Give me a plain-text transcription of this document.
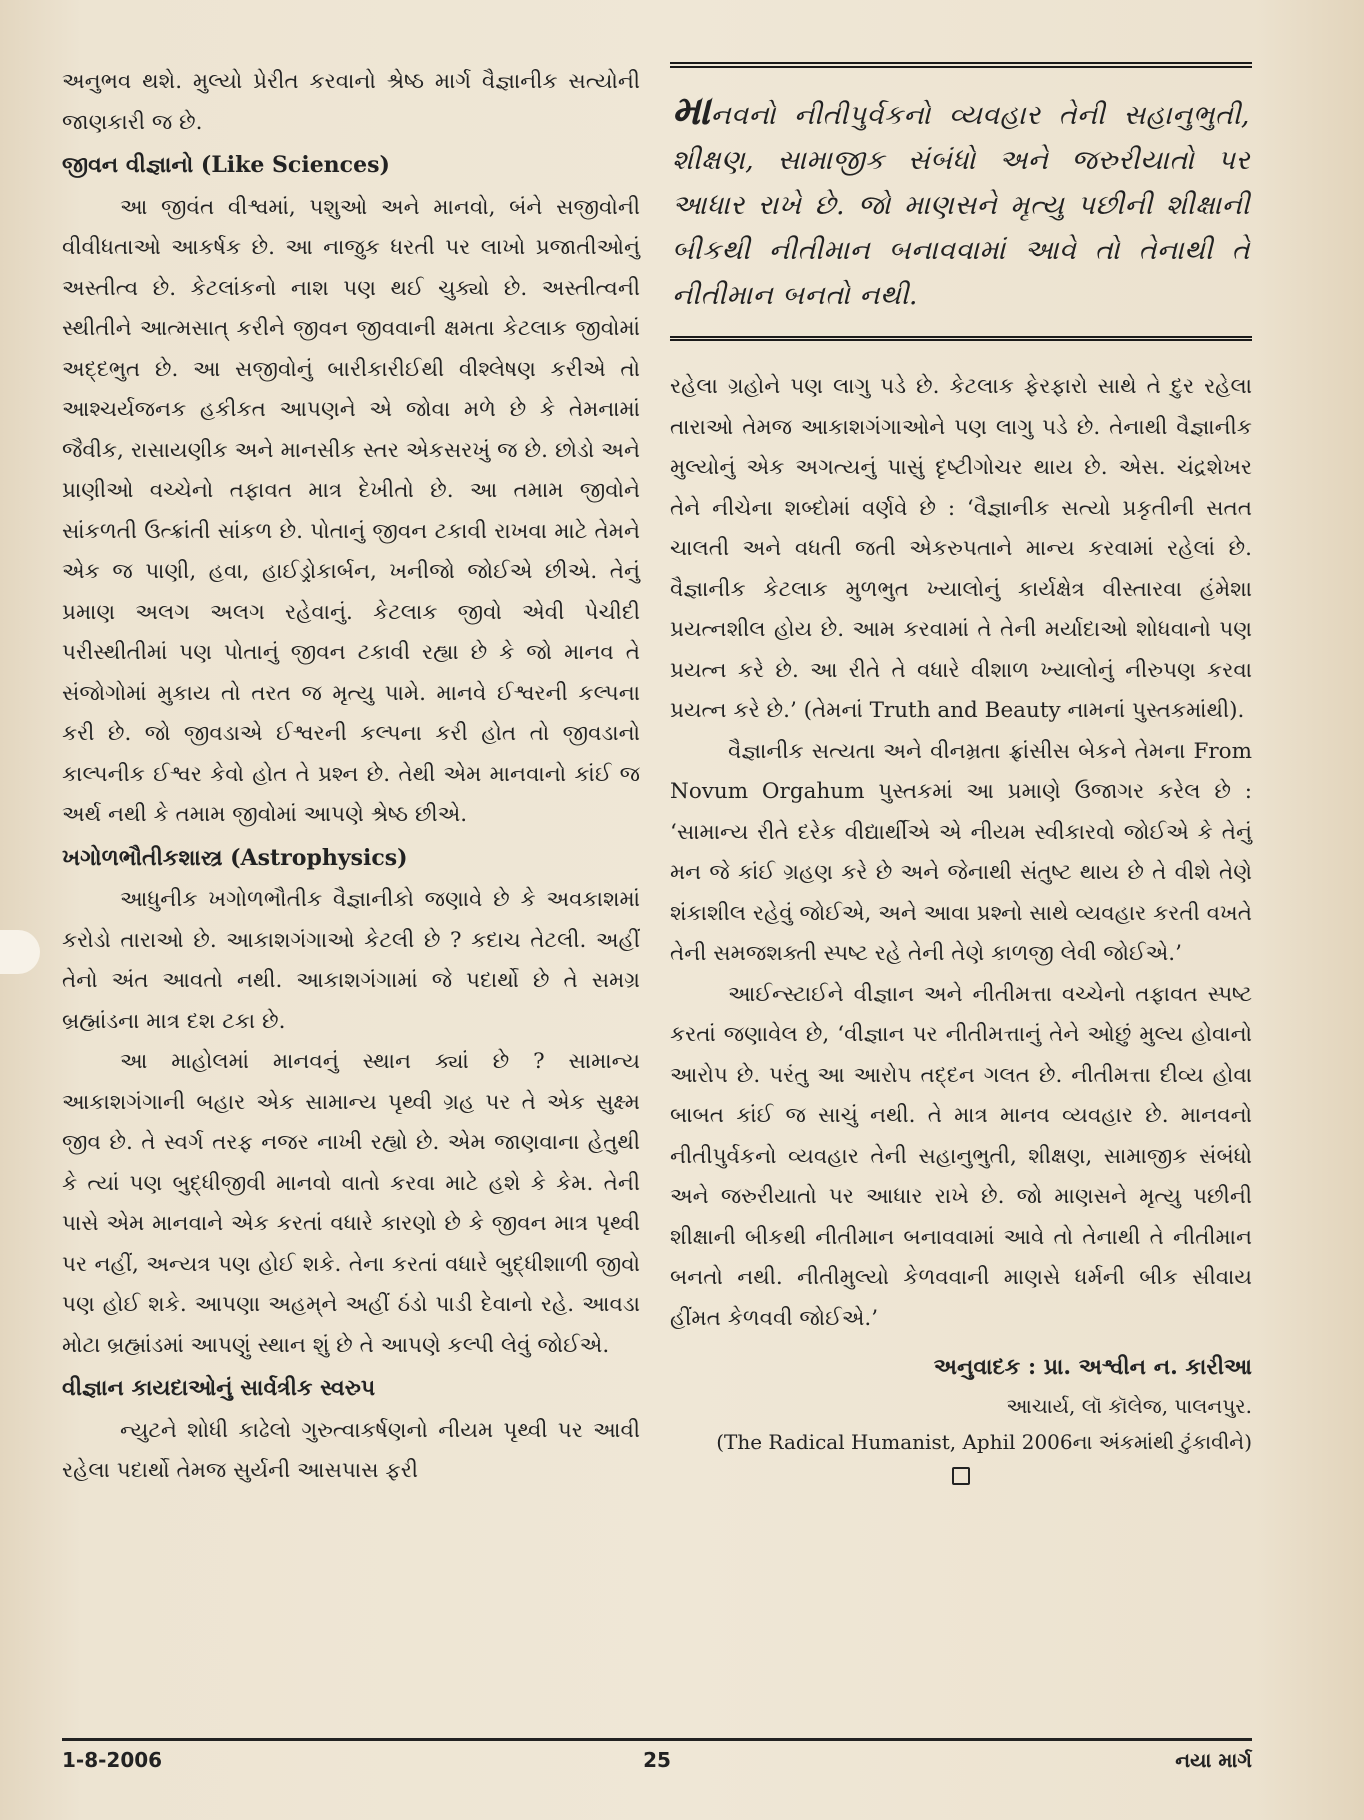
અનુભવ થશે. મુલ્યો પ્રેરીત કરવાનો શ્રેષ્ઠ માર્ગ વૈજ્ઞાનીક સત્યોની જાણકારી જ છે.

જીવન વીજ્ઞાનો (Like Sciences)

આ જીવંત વીશ્વમાં, પશુઓ અને માનવો, બંને સજીવોની વીવીધતાઓ આકર્ષક છે. આ નાજુક ધરતી પર લાખો પ્રજાતીઓનું અસ્તીત્વ છે. કેટલાંકનો નાશ પણ થઈ ચુક્યો છે. અસ્તીત્વની સ્થીતીને આત્મસાત્ કરીને જીવન જીવવાની ક્ષમતા કેટલાક જીવોમાં અદ્દભુત છે. આ સજીવોનું બારીકારીઈથી વીશ્લેષણ કરીએ તો આશ્ચર્યજનક હકીકત આપણને એ જોવા મળે છે કે તેમનામાં જૈવીક, રાસાયણીક અને માનસીક સ્તર એકસરખું જ છે. છોડો અને પ્રાણીઓ વચ્ચેનો તફાવત માત્ર દેખીતો છે. આ તમામ જીવોને સાંકળતી ઉત્ક્રાંતી સાંકળ છે. પોતાનું જીવન ટકાવી રાખવા માટે તેમને એક જ પાણી, હવા, હાઈડ્રોકાર્બન, ખનીજો જોઈએ છીએ. તેનું પ્રમાણ અલગ અલગ રહેવાનું. કેટલાક જીવો એવી પેચીદી પરીસ્થીતીમાં પણ પોતાનું જીવન ટકાવી રહ્યા છે કે જો માનવ તે સંજોગોમાં મુકાય તો તરત જ મૃત્યુ પામે. માનવે ઈશ્વરની કલ્પના કરી છે. જો જીવડાએ ઈશ્વરની કલ્પના કરી હોત તો જીવડાનો કાલ્પનીક ઈશ્વર કેવો હોત તે પ્રશ્ન છે. તેથી એમ માનવાનો કાંઈ જ અર્થ નથી કે તમામ જીવોમાં આપણે શ્રેષ્ઠ છીએ.

ખગોળભૌતીકશાસ્ત્ર (Astrophysics)

આધુનીક ખગોળભૌતીક વૈજ્ઞાનીકો જણાવે છે કે અવકાશમાં કરોડો તારાઓ છે. આકાશગંગાઓ કેટલી છે ? કદાચ તેટલી. અહીં તેનો અંત આવતો નથી. આકાશગંગામાં જે પદાર્થો છે તે સમગ્ર બ્રહ્માંડના માત્ર દશ ટકા છે.

આ માહોલમાં માનવનું સ્થાન ક્યાં છે ? સામાન્ય આકાશગંગાની બહાર એક સામાન્ય પૃથ્વી ગ્રહ પર તે એક સુક્ષ્મ જીવ છે. તે સ્વર્ગ તરફ નજર નાખી રહ્યો છે. એમ જાણવાના હેતુથી કે ત્યાં પણ બુદ્ધીજીવી માનવો વાતો કરવા માટે હશે કે કેમ. તેની પાસે એમ માનવાને એક કરતાં વધારે કારણો છે કે જીવન માત્ર પૃથ્વી પર નહીં, અન્યત્ર પણ હોઈ શકે. તેના કરતાં વધારે બુદ્ધીશાળી જીવો પણ હોઈ શકે. આપણા અહમ્‌ને અહીં ઠંડો પાડી દેવાનો રહે. આવડા મોટા બ્રહ્માંડમાં આપણું સ્થાન શું છે તે આપણે કલ્પી લેવું જોઈએ.

વીજ્ઞાન કાયદાઓનું સાર્વત્રીક સ્વરુપ

ન્યુટને શોધી કાઢેલો ગુરુત્વાકર્ષણનો નીયમ પૃથ્વી પર આવી રહેલા પદાર્થો તેમજ સુર્યની આસપાસ ફરી

માનવનો નીતીપુર્વકનો વ્યવહાર તેની સહાનુભુતી, શીક્ષણ, સામાજીક સંબંધો અને જરુરીયાતો પર આધાર રાખે છે. જો માણસને મૃત્યુ પછીની શીક્ષાની બીકથી નીતીમાન બનાવવામાં આવે તો તેનાથી તે નીતીમાન બનતો નથી.

રહેલા ગ્રહોને પણ લાગુ પડે છે. કેટલાક ફેરફારો સાથે તે દુર રહેલા તારાઓ તેમજ આકાશગંગાઓને પણ લાગુ પડે છે. તેનાથી વૈજ્ઞાનીક મુલ્યોનું એક અગત્યનું પાસું દૃષ્ટીગોચર થાય છે. એસ. ચંદ્રશેખર તેને નીચેના શબ્દોમાં વર્ણવે છે : ‘વૈજ્ઞાનીક સત્યો પ્રકૃતીની સતત ચાલતી અને વધતી જતી એકરુપતાને માન્ય કરવામાં રહેલાં છે. વૈજ્ઞાનીક કેટલાક મુળભુત ખ્યાલોનું કાર્યક્ષેત્ર વીસ્તારવા હંમેશા પ્રયત્નશીલ હોય છે. આમ કરવામાં તે તેની મર્યાદાઓ શોધવાનો પણ પ્રયત્ન કરે છે. આ રીતે તે વધારે વીશાળ ખ્યાલોનું નીરુપણ કરવા પ્રયત્ન કરે છે.’ (તેમનાં Truth and Beauty નામનાં પુસ્તકમાંથી).

વૈજ્ઞાનીક સત્યતા અને વીનમ્રતા ફ્રાંસીસ બેકને તેમના From Novum Orgahum પુસ્તકમાં આ પ્રમાણે ઉજાગર કરેલ છે : ‘સામાન્ય રીતે દરેક વીદ્યાર્થીએ એ નીયમ સ્વીકારવો જોઈએ કે તેનું મન જે કાંઈ ગ્રહણ કરે છે અને જેનાથી સંતુષ્ટ થાય છે તે વીશે તેણે શંકાશીલ રહેવું જોઈએ, અને આવા પ્રશ્નો સાથે વ્યવહાર કરતી વખતે તેની સમજશક્તી સ્પષ્ટ રહે તેની તેણે કાળજી લેવી જોઈએ.’

આઈન્સ્ટાઈને વીજ્ઞાન અને નીતીમત્તા વચ્ચેનો તફાવત સ્પષ્ટ કરતાં જણાવેલ છે, ‘વીજ્ઞાન પર નીતીમત્તાનું તેને ઓછું મુલ્ય હોવાનો આરોપ છે. પરંતુ આ આરોપ તદ્દન ગલત છે. નીતીમત્તા દીવ્ય હોવા બાબત કાંઈ જ સાચું નથી. તે માત્ર માનવ વ્યવહાર છે. માનવનો નીતીપુર્વકનો વ્યવહાર તેની સહાનુભુતી, શીક્ષણ, સામાજીક સંબંધો અને જરુરીયાતો પર આધાર રાખે છે. જો માણસને મૃત્યુ પછીની શીક્ષાની બીકથી નીતીમાન બનાવવામાં આવે તો તેનાથી તે નીતીમાન બનતો નથી. નીતીમુલ્યો કેળવવાની માણસે ધર્મની બીક સીવાય હીંમત કેળવવી જોઈએ.’

અનુવાદક : પ્રા. અશ્વીન ન. કારીઆ
આચાર્ય, લૉ કૉલેજ, પાલનપુર.
(The Radical Humanist, Aphil 2006ના અંકમાંથી ટુંકાવીને)
1-8-2006	25	નયા માર્ગ
